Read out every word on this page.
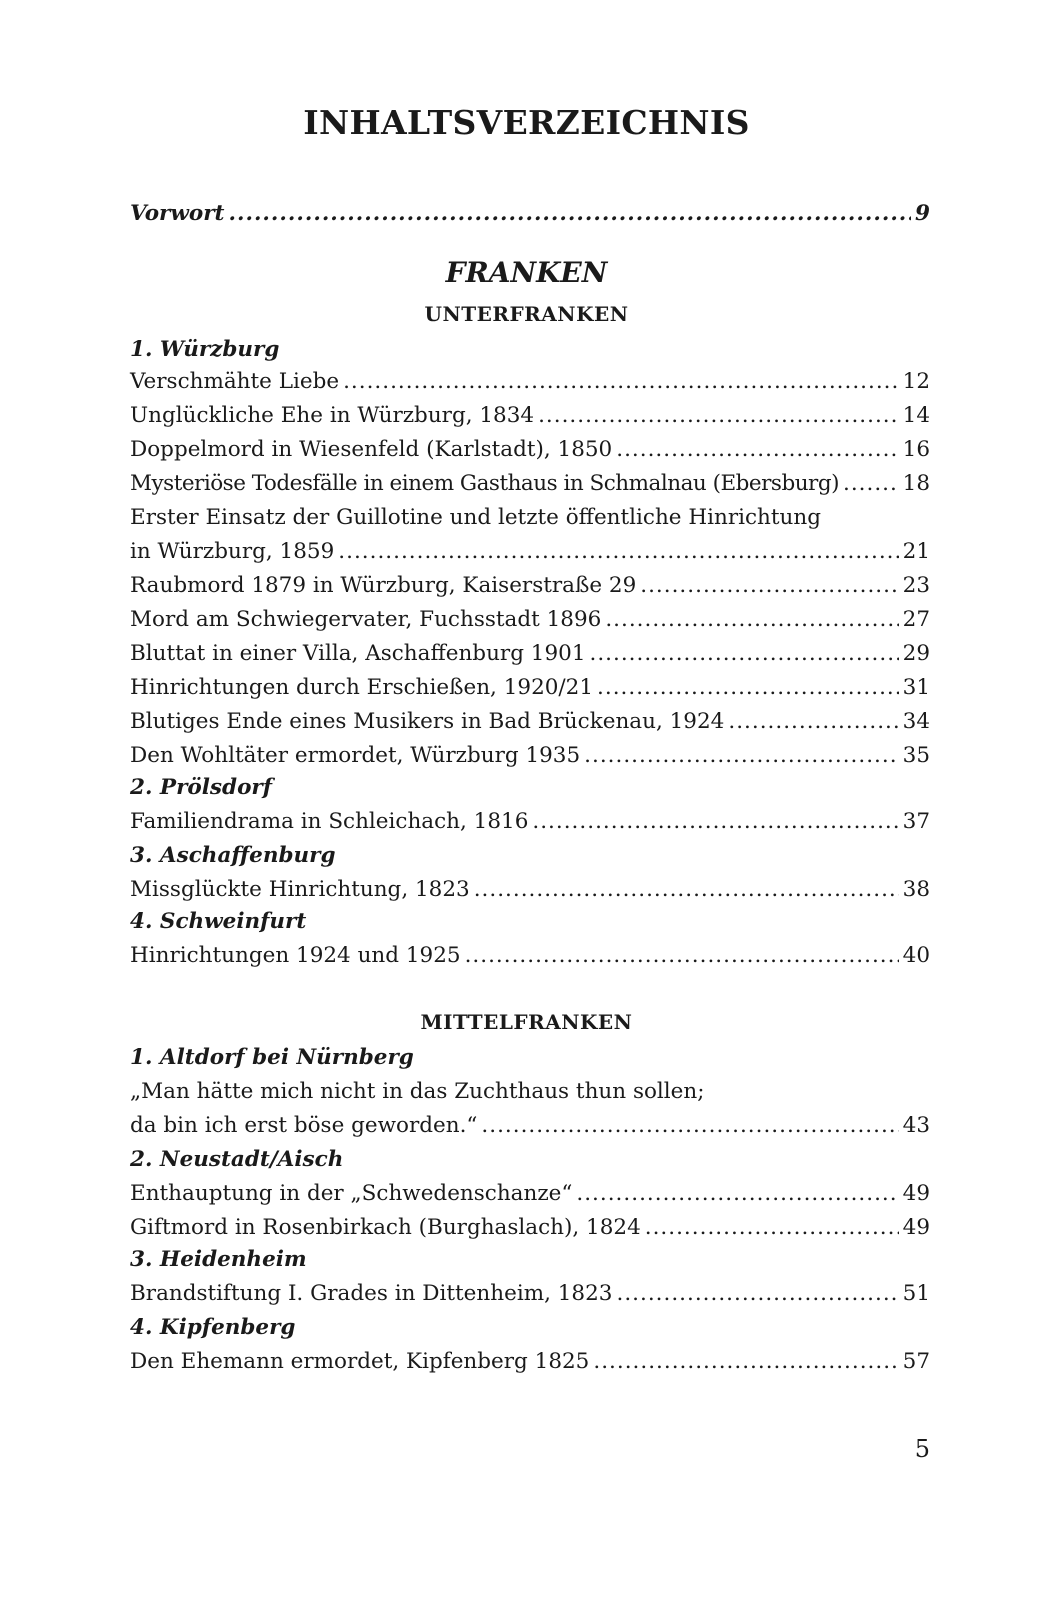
INHALTSVERZEICHNIS
Vorwort .....	9
FRANKEN
UNTERFRANKEN
1. Würzburg
Verschmähte Liebe .....	12
Unglückliche Ehe in Würzburg, 1834 .....	14
Doppelmord in Wiesenfeld (Karlstadt), 1850 .....	16
Mysteriöse Todesfälle in einem Gasthaus in Schmalnau (Ebersburg) .....	18
Erster Einsatz der Guillotine und letzte öffentliche Hinrichtung
in Würzburg, 1859 .....	21
Raubmord 1879 in Würzburg, Kaiserstraße 29 .....	23
Mord am Schwiegervater, Fuchsstadt 1896 .....	27
Bluttat in einer Villa, Aschaffenburg 1901 .....	29
Hinrichtungen durch Erschießen, 1920/21 .....	31
Blutiges Ende eines Musikers in Bad Brückenau, 1924 .....	34
Den Wohltäter ermordet, Würzburg 1935 .....	35
2. Prölsdorf
Familiendrama in Schleichach, 1816 .....	37
3. Aschaffenburg
Missglückte Hinrichtung, 1823 .....	38
4. Schweinfurt
Hinrichtungen 1924 und 1925 .....	40
MITTELFRANKEN
1. Altdorf bei Nürnberg
„Man hätte mich nicht in das Zuchthaus thun sollen;
da bin ich erst böse geworden.“ .....	43
2. Neustadt/Aisch
Enthauptung in der „Schwedenschanze“ .....	49
Giftmord in Rosenbirkach (Burghaslach), 1824 .....	49
3. Heidenheim
Brandstiftung I. Grades in Dittenheim, 1823 .....	51
4. Kipfenberg
Den Ehemann ermordet, Kipfenberg 1825 .....	57
5
